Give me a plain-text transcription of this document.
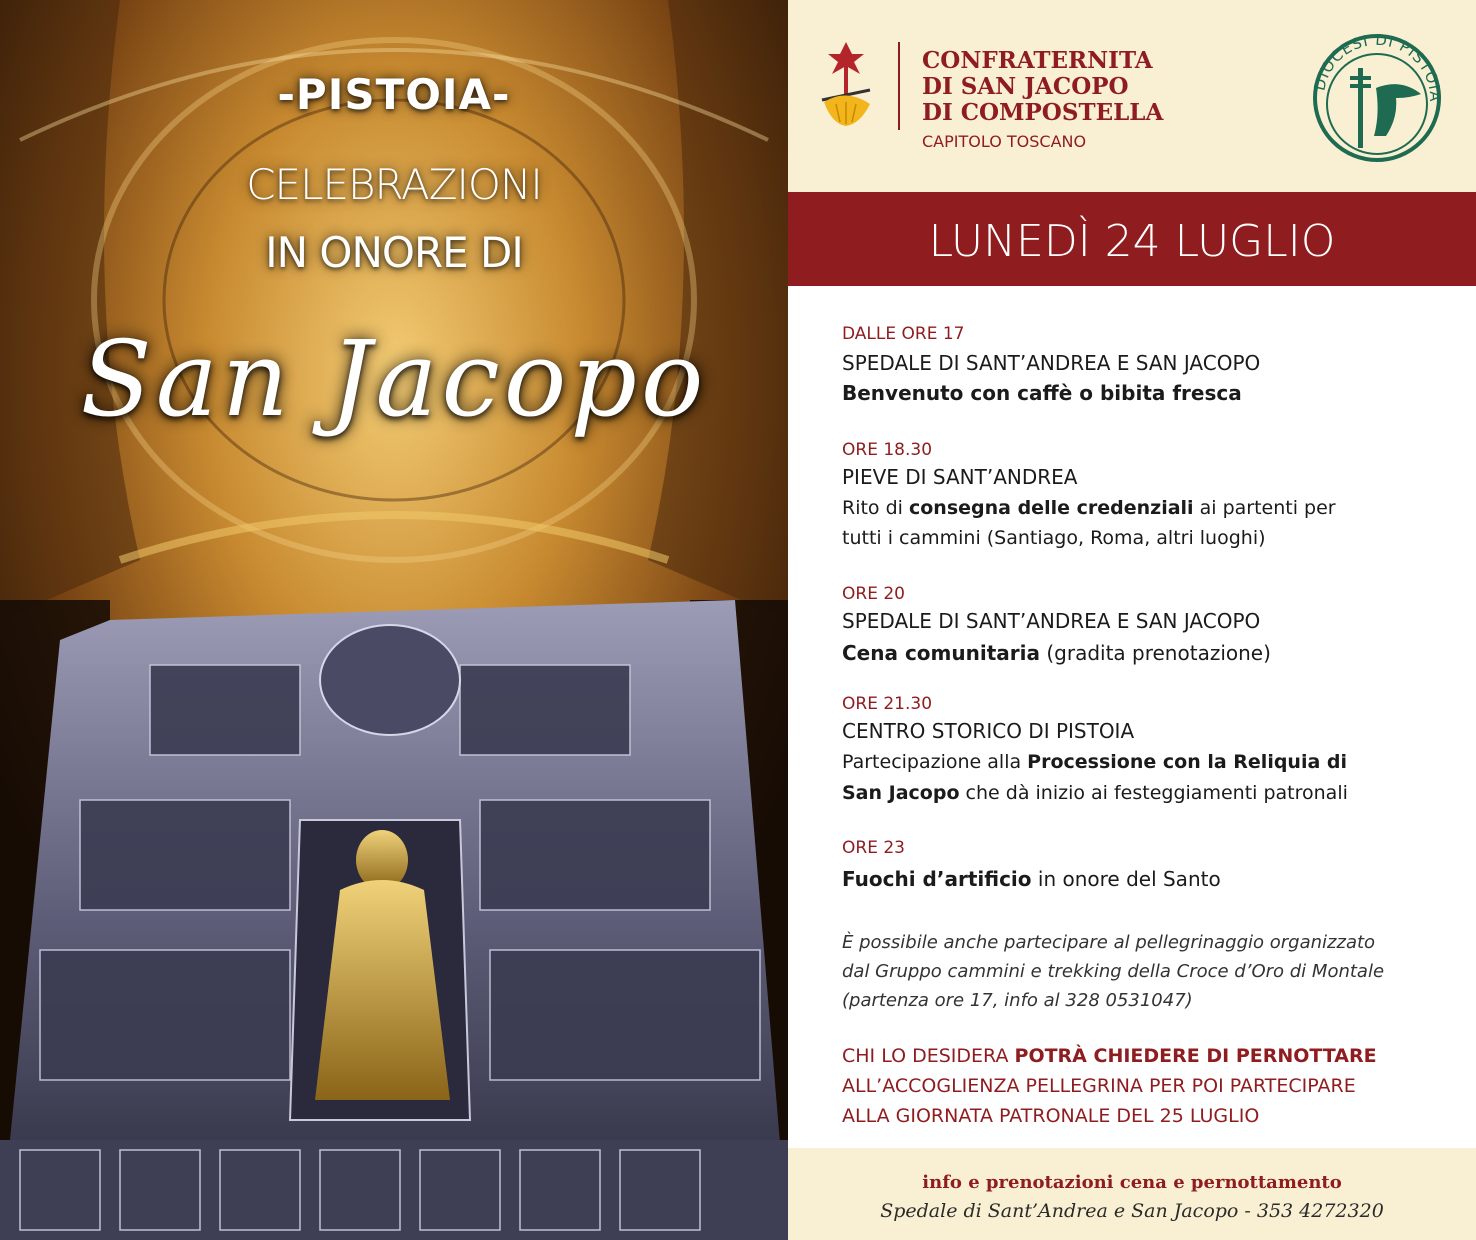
-PISTOIA-
CELEBRAZIONI
IN ONORE DI
San Jacopo
CONFRATERNITA
DI SAN JACOPO
DI COMPOSTELLA
CAPITOLO TOSCANO
DIOCESI DI PISTOIA
LUNEDÌ 24 LUGLIO
DALLE ORE 17
SPEDALE DI SANT’ANDREA E SAN JACOPO
Benvenuto con caffè o bibita fresca
ORE 18.30
PIEVE DI SANT’ANDREA
Rito di consegna delle credenziali ai partenti per
tutti i cammini (Santiago, Roma, altri luoghi)
ORE 20
SPEDALE DI SANT’ANDREA E SAN JACOPO
Cena comunitaria (gradita prenotazione)
ORE 21.30
CENTRO STORICO DI PISTOIA
Partecipazione alla Processione con la Reliquia di
San Jacopo che dà inizio ai festeggiamenti patronali
ORE 23
Fuochi d’artificio in onore del Santo
È possibile anche partecipare al pellegrinaggio organizzato
dal Gruppo cammini e trekking della Croce d’Oro di Montale
(partenza ore 17, info al 328 0531047)
CHI LO DESIDERA POTRÀ CHIEDERE DI PERNOTTARE
ALL’ACCOGLIENZA PELLEGRINA PER POI PARTECIPARE
ALLA GIORNATA PATRONALE DEL 25 LUGLIO
info e prenotazioni cena e pernottamento
Spedale di Sant’Andrea e San Jacopo - 353 4272320
